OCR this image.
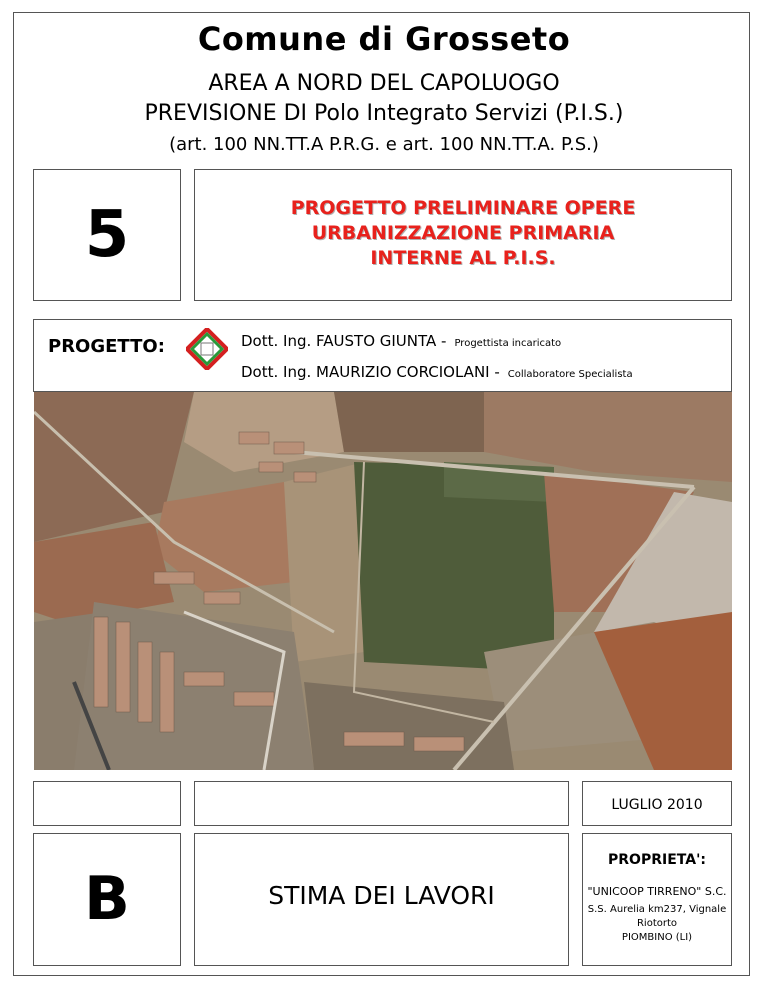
Comune di Grosseto
AREA A NORD DEL CAPOLUOGO
PREVISIONE DI Polo Integrato Servizi (P.I.S.)
(art. 100 NN.TT.A P.R.G. e art. 100 NN.TT.A. P.S.)
5	PROGETTO PRELIMINARE OPERE
URBANIZZAZIONE PRIMARIA
INTERNE AL P.I.S.
PROGETTO:	Dott. Ing. FAUSTO GIUNTA - Progettista incaricato
Dott. Ing. MAURIZIO CORCIOLANI - Collaboratore Specialista
LUGLIO 2010
B	STIMA DEI LAVORI
PROPRIETA':
"UNICOOP TIRRENO" S.C.
S.S. Aurelia km237, Vignale
Riotorto
PIOMBINO (LI)
